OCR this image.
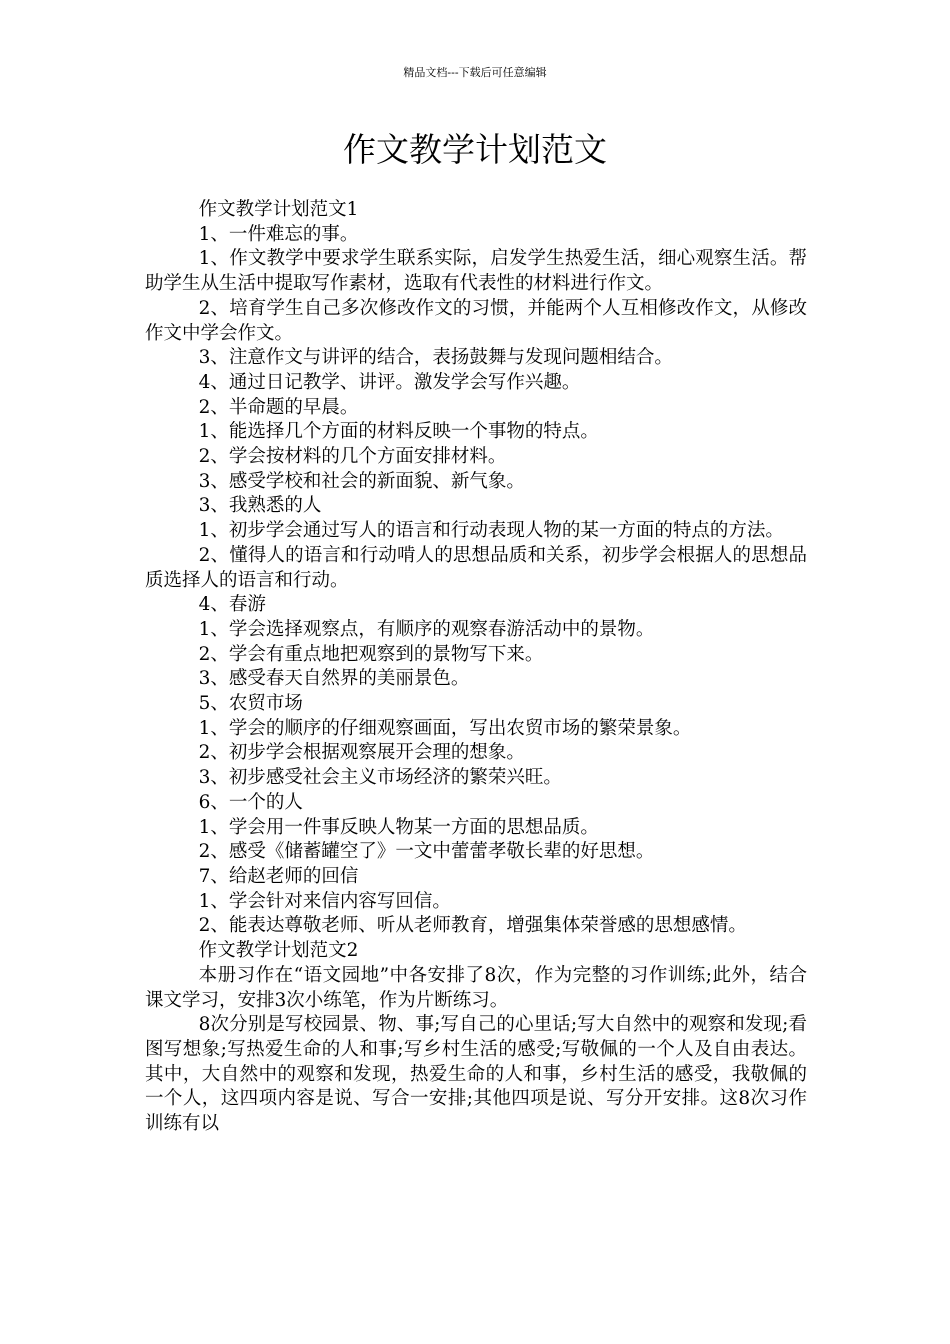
精品文档---下载后可任意编辑
作文教学计划范文

作文教学计划范文1

1、一件难忘的事。

1、作文教学中要求学生联系实际，启发学生热爱生活，细心观察生活。帮助学生从生活中提取写作素材，选取有代表性的材料进行作文。

2、培育学生自己多次修改作文的习惯，并能两个人互相修改作文，从修改作文中学会作文。

3、注意作文与讲评的结合，表扬鼓舞与发现问题相结合。

4、通过日记教学、讲评。激发学会写作兴趣。

2、半命题的早晨。

1、能选择几个方面的材料反映一个事物的特点。

2、学会按材料的几个方面安排材料。

3、感受学校和社会的新面貌、新气象。

3、我熟悉的人

1、初步学会通过写人的语言和行动表现人物的某一方面的特点的方法。

2、懂得人的语言和行动啃人的思想品质和关系，初步学会根据人的思想品质选择人的语言和行动。

4、春游

1、学会选择观察点，有顺序的观察春游活动中的景物。

2、学会有重点地把观察到的景物写下来。

3、感受春天自然界的美丽景色。

5、农贸市场

1、学会的顺序的仔细观察画面，写出农贸市场的繁荣景象。

2、初步学会根据观察展开会理的想象。

3、初步感受社会主义市场经济的繁荣兴旺。

6、一个的人

1、学会用一件事反映人物某一方面的思想品质。

2、感受《储蓄罐空了》一文中蕾蕾孝敬长辈的好思想。

7、给赵老师的回信

1、学会针对来信内容写回信。

2、能表达尊敬老师、听从老师教育，增强集体荣誉感的思想感情。

作文教学计划范文2

本册习作在“语文园地”中各安排了8次，作为完整的习作训练;此外，结合课文学习，安排3次小练笔，作为片断练习。

8次分别是写校园景、物、事;写自己的心里话;写大自然中的观察和发现;看图写想象;写热爱生命的人和事;写乡村生活的感受;写敬佩的一个人及自由表达。其中，大自然中的观察和发现，热爱生命的人和事，乡村生活的感受，我敬佩的一个人，这四项内容是说、写合一安排;其他四项是说、写分开安排。这8次习作训练有以
